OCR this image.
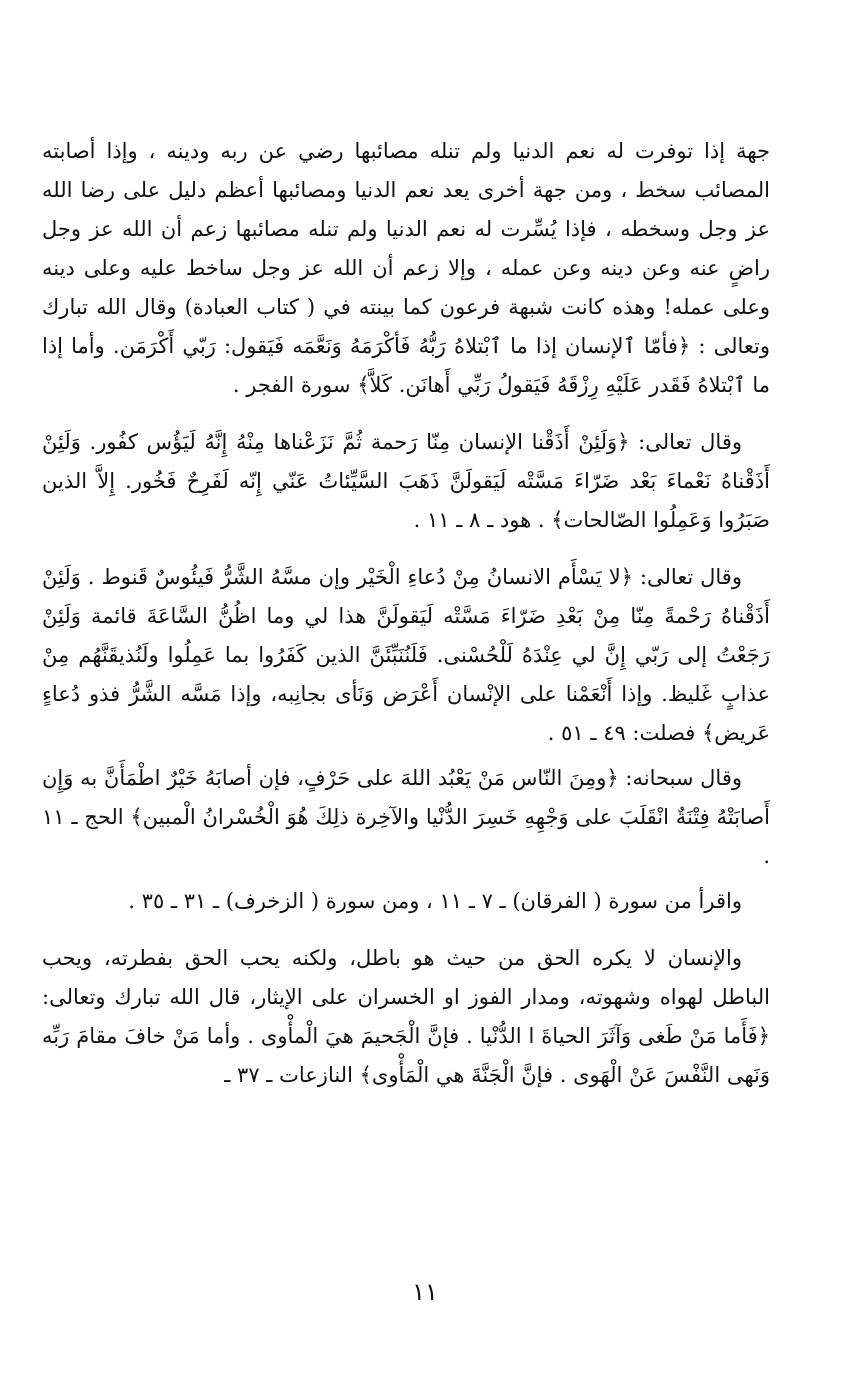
جهة إذا توفرت له نعم الدنيا ولم تنله مصائبها رضي عن ربه ودينه ، وإذا أصابته المصائب سخط ، ومن جهة أخرى يعد نعم الدنيا ومصائبها أعظم دليل على رضا الله عز وجل وسخطه ، فإذا يُسِّرت له نعم الدنيا ولم تنله مصائبها زعم أن الله عز وجل راضٍ عنه وعن دينه وعن عمله ، وإلا زعم أن الله عز وجل ساخط عليه وعلى دينه وعلى عمله! وهذه كانت شبهة فرعون كما بينته في ( كتاب العبادة) وقال الله تبارك وتعالى : ﴿فأمّا ٱلإنسان إذا ما ٱبْتلاهُ رَبُّهُ فَأكْرَمَهُ وَنَعَّمَه فَيَقول: رَبّي أَكْرَمَن. وأما إذا ما ٱبْتلاهُ فَقَدر عَلَيْهِ رِزْقَهُ فَيَقولُ رَبِّي أَهانَن. كَلاَّ﴾ سورة الفجر .

وقال تعالى: ﴿وَلَئِنْ أَذَقْنا الإنسان مِنّا رَحمة ثُمَّ نَزَعْناها مِنْهُ إِنَّهُ لَيَؤُس كفُور. وَلَئِنْ أَذَقْناهُ نَعْماءَ بَعْد ضَرّاءَ مَسَّتْه لَيَقولَنَّ ذَهَبَ السَّيِّئاتُ عَنّي إِنّه لَفَرِحٌ فَخُور. إِلاَّ الذين صَبَرُوا وَعَمِلُوا الصّالحات﴾ . هود ـ ٨ ـ ١١ .

وقال تعالى: ﴿لا يَسْأَم الانسانُ مِنْ دُعاءِ الْخَيْر وإن مسَّهُ الشَّرُّ فَيئُوسٌ قَنوط . وَلَئِنْ أَذَقْناهُ رَحْمةً مِنّا مِنْ بَعْدِ ضَرّاءَ مَسَّتْه لَيَقولَنَّ هذا لي وما اظُنُّ السَّاعَةَ قائمة وَلَئِنْ رَجَعْتُ إلى رَبّي إِنَّ لي عِنْدَهُ لَلْحُسْنى. فَلَنُنَبِّئَنَّ الذين كَفَرُوا بما عَمِلُوا ولَنُذيقَنَّهُم مِنْ عذابٍ غَليظ. وإذا أَنْعَمْنا على الإنْسان أَعْرَض وَنَأى بجانِبه، وإذا مَسَّه الشَّرُّ فذو دُعاءٍ عَريض﴾ فصلت: ٤٩ ـ ٥١ .

وقال سبحانه: ﴿ومِنَ النّاس مَنْ يَعْبُد اللهَ على حَرْفٍ، فإن أصابَهُ خَيْرٌ اطْمَأَنَّ به وَإِن أَصابَتْهُ فِتْنَةٌ انْقَلَبَ على وَجْهِهِ خَسِرَ الدُّنْيا والآخِرة ذلِكَ هُوَ الْخُسْرانُ الْمبين﴾ الحج ـ ١١ .

واقرأ من سورة ( الفرقان) ـ ٧ ـ ١١ ، ومن سورة ( الزخرف) ـ ٣١ ـ ٣٥ .

والإنسان لا يكره الحق من حيث هو باطل، ولكنه يحب الحق بفطرته، ويحب الباطل لهواه وشهوته، ومدار الفوز او الخسران على الإيثار، قال الله تبارك وتعالى: ﴿فَأَما مَنْ طَغى وَآثَرَ الحياةَ ا الدُّنْيا . فإنَّ الْجَحيمَ هيَ الْمأْوى . وأما مَنْ خافَ مقامَ رَبِّه وَنَهى النَّفْسَ عَنْ الْهَوى . فإنَّ الْجَنَّةَ هي الْمَأْوى﴾ النازعات ـ ٣٧ ـ

١١
